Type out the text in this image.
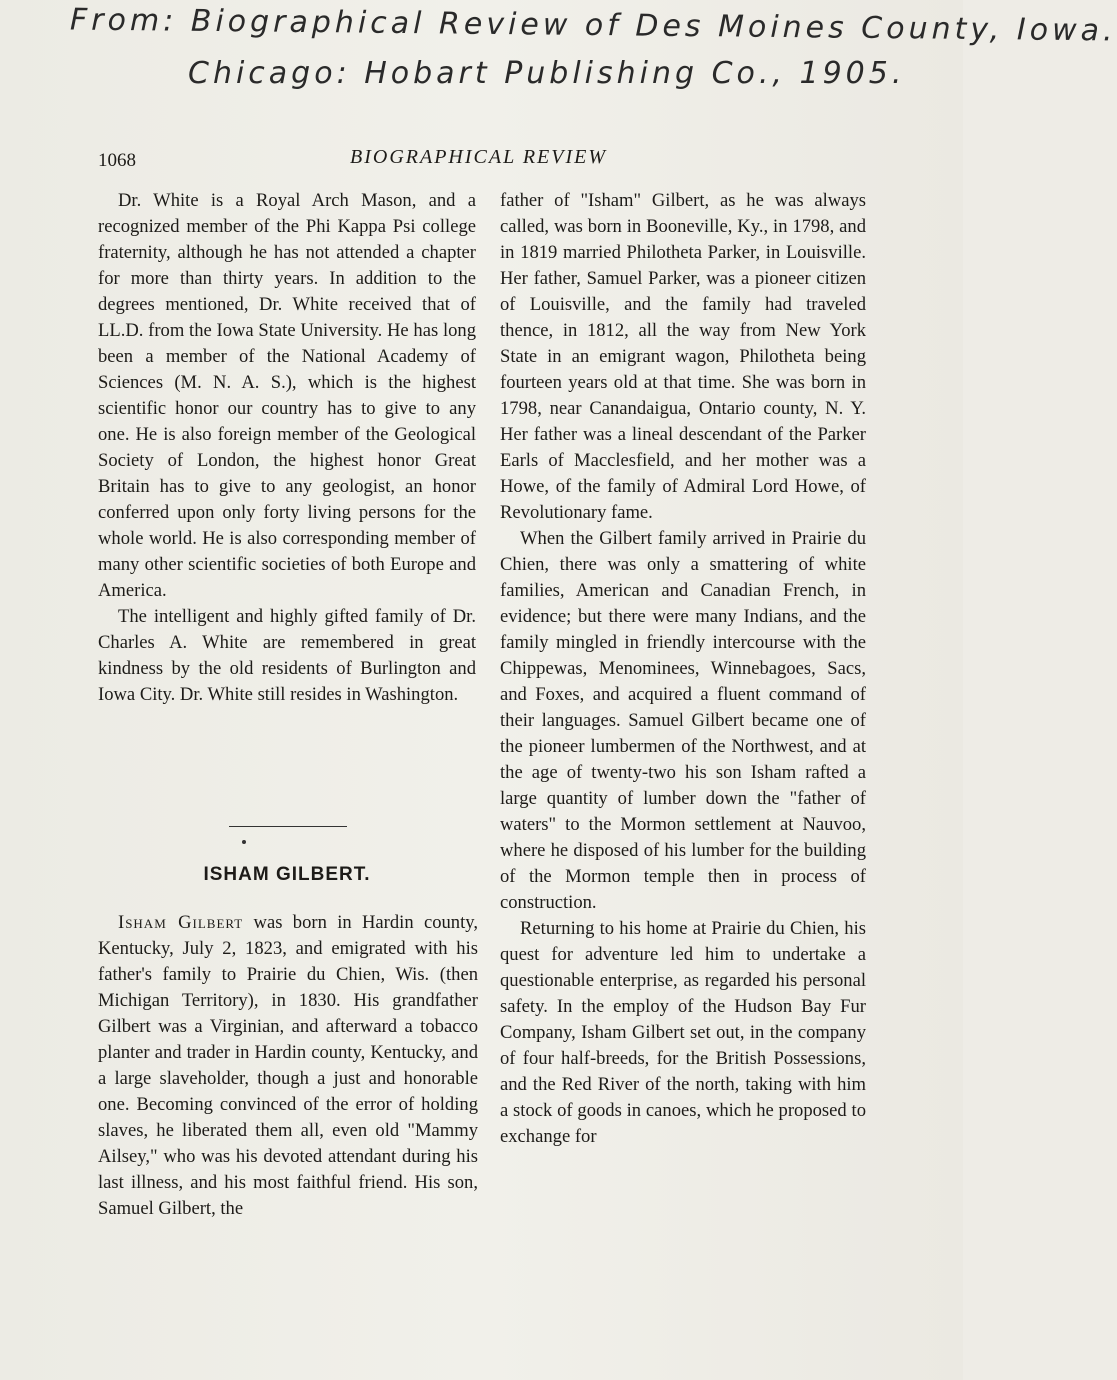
From: Biographical Review of Des Moines County, Iowa.
Chicago: Hobart Publishing Co., 1905.
1068	BIOGRAPHICAL REVIEW

Dr. White is a Royal Arch Mason, and a recognized member of the Phi Kappa Psi college fraternity, although he has not attended a chapter for more than thirty years. In addition to the degrees mentioned, Dr. White received that of LL.D. from the Iowa State University. He has long been a member of the National Academy of Sciences (M. N. A. S.), which is the highest scientific honor our country has to give to any one. He is also foreign member of the Geological Society of London, the highest honor Great Britain has to give to any geologist, an honor conferred upon only forty living persons for the whole world. He is also corresponding member of many other scientific societies of both Europe and America.

The intelligent and highly gifted family of Dr. Charles A. White are remembered in great kindness by the old residents of Burlington and Iowa City. Dr. White still resides in Washington.

ISHAM GILBERT.

Isham Gilbert was born in Hardin county, Kentucky, July 2, 1823, and emigrated with his father's family to Prairie du Chien, Wis. (then Michigan Territory), in 1830. His grandfather Gilbert was a Virginian, and afterward a tobacco planter and trader in Hardin county, Kentucky, and a large slaveholder, though a just and honorable one. Becoming convinced of the error of holding slaves, he liberated them all, even old "Mammy Ailsey," who was his devoted attendant during his last illness, and his most faithful friend. His son, Samuel Gilbert, the

father of "Isham" Gilbert, as he was always called, was born in Booneville, Ky., in 1798, and in 1819 married Philotheta Parker, in Louisville. Her father, Samuel Parker, was a pioneer citizen of Louisville, and the family had traveled thence, in 1812, all the way from New York State in an emigrant wagon, Philotheta being fourteen years old at that time. She was born in 1798, near Canandaigua, Ontario county, N. Y. Her father was a lineal descendant of the Parker Earls of Macclesfield, and her mother was a Howe, of the family of Admiral Lord Howe, of Revolutionary fame.

When the Gilbert family arrived in Prairie du Chien, there was only a smattering of white families, American and Canadian French, in evidence; but there were many Indians, and the family mingled in friendly intercourse with the Chippewas, Menominees, Winnebagoes, Sacs, and Foxes, and acquired a fluent command of their languages. Samuel Gilbert became one of the pioneer lumbermen of the Northwest, and at the age of twenty-two his son Isham rafted a large quantity of lumber down the "father of waters" to the Mormon settlement at Nauvoo, where he disposed of his lumber for the building of the Mormon temple then in process of construction.

Returning to his home at Prairie du Chien, his quest for adventure led him to undertake a questionable enterprise, as regarded his personal safety. In the employ of the Hudson Bay Fur Company, Isham Gilbert set out, in the company of four half-breeds, for the British Possessions, and the Red River of the north, taking with him a stock of goods in canoes, which he proposed to exchange for
